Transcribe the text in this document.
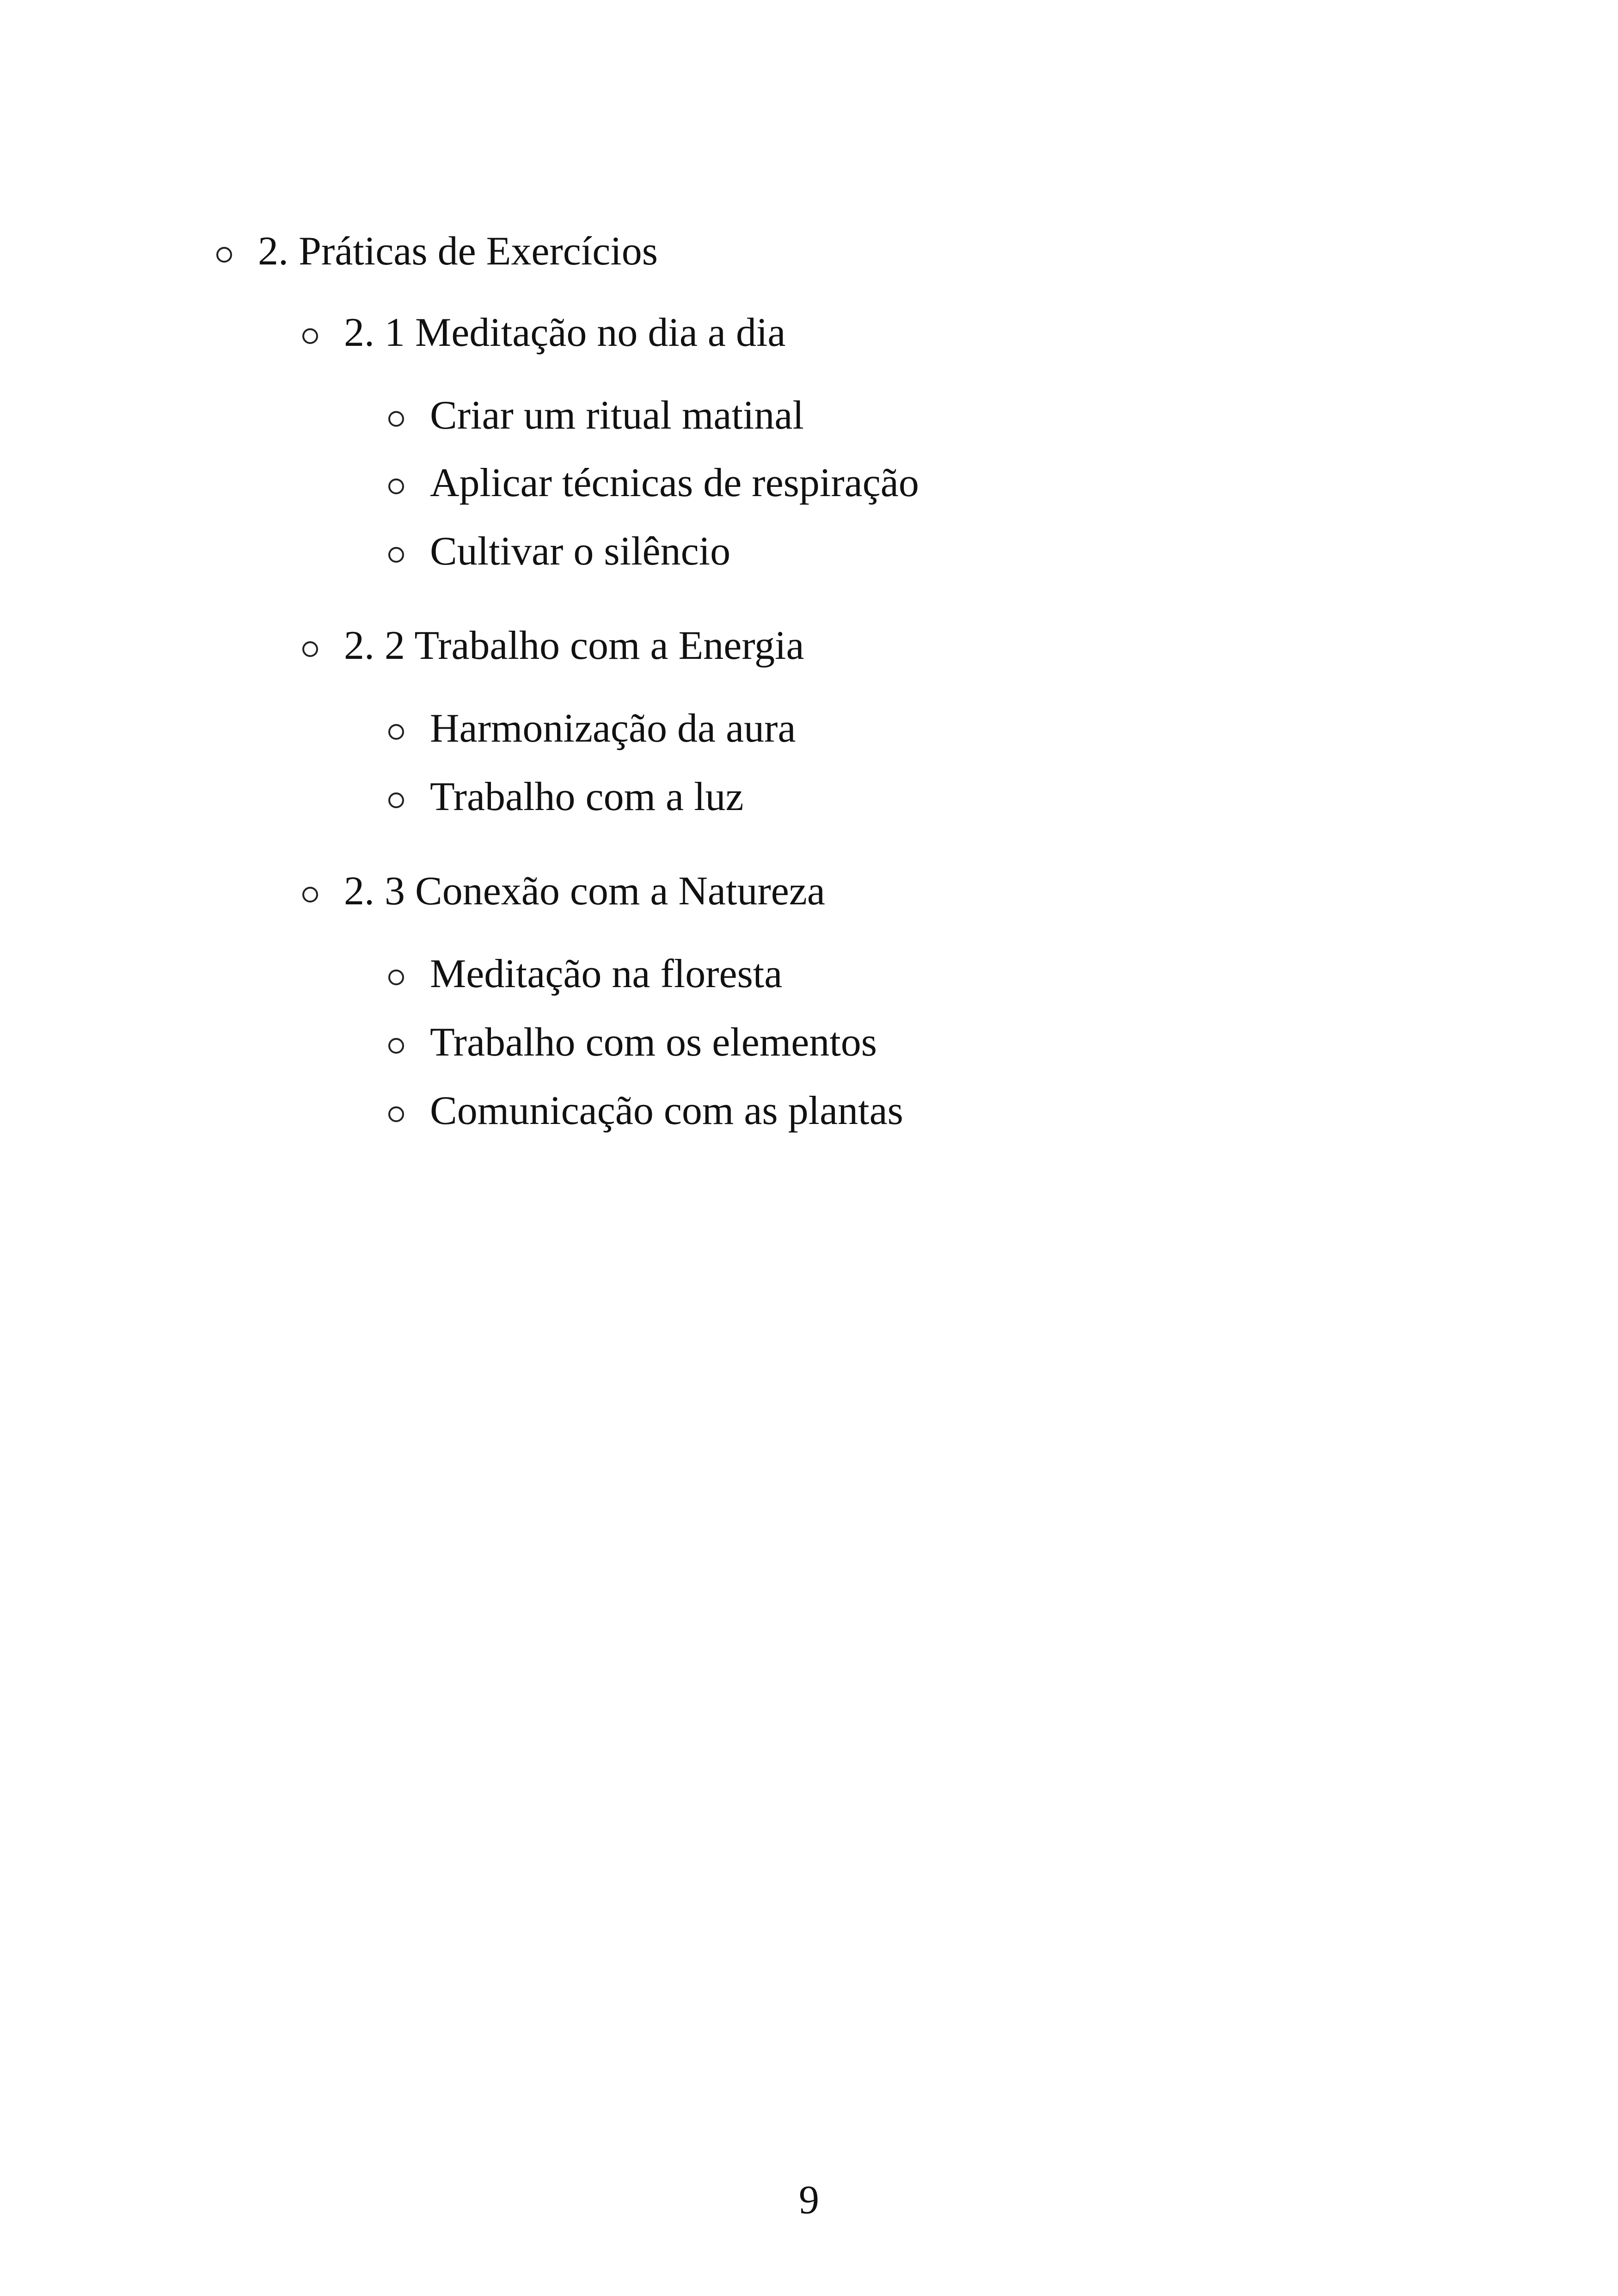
2. Práticas de Exercícios
2. 1 Meditação no dia a dia
Criar um ritual matinal
Aplicar técnicas de respiração
Cultivar o silêncio
2. 2 Trabalho com a Energia
Harmonização da aura
Trabalho com a luz
2. 3 Conexão com a Natureza
Meditação na floresta
Trabalho com os elementos
Comunicação com as plantas
9
